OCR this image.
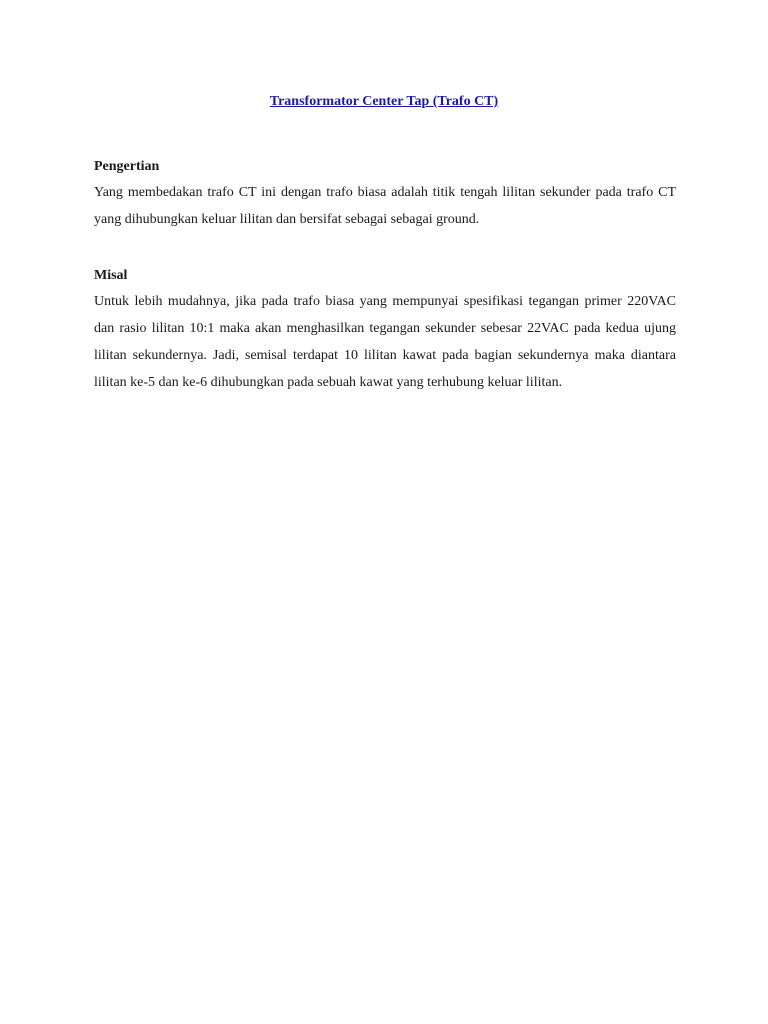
Transformator Center Tap (Trafo CT)

Pengertian

Yang membedakan trafo CT ini dengan trafo biasa adalah titik tengah lilitan sekunder pada trafo CT yang dihubungkan keluar lilitan dan bersifat sebagai sebagai ground.

Misal

Untuk lebih mudahnya, jika pada trafo biasa yang mempunyai spesifikasi tegangan primer 220VAC dan rasio lilitan 10:1 maka akan menghasilkan tegangan sekunder sebesar 22VAC pada kedua ujung lilitan sekundernya. Jadi, semisal terdapat 10 lilitan kawat pada bagian sekundernya maka diantara lilitan ke-5 dan ke-6 dihubungkan pada sebuah kawat yang terhubung keluar lilitan.
